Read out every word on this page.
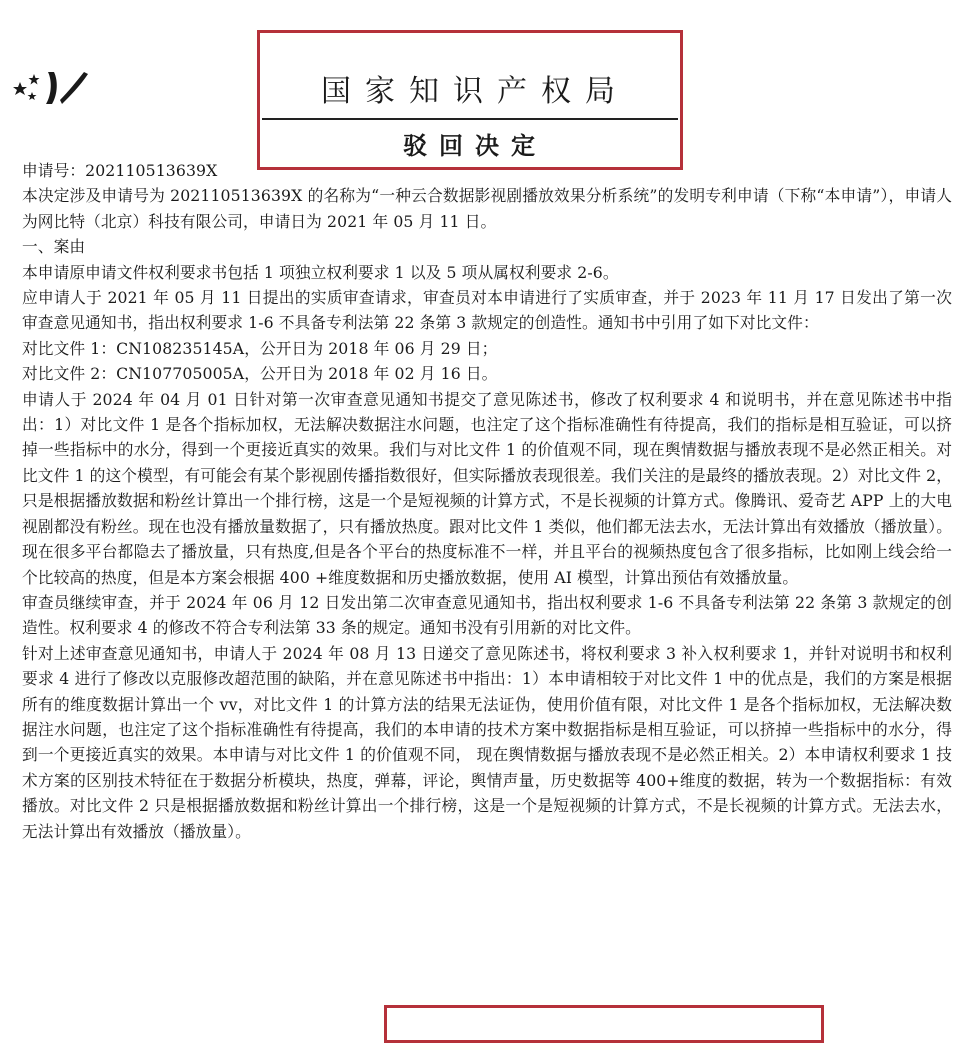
国家知识产权局
驳回决定

申请号：202110513639X

本决定涉及申请号为 202110513639X 的名称为“一种云合数据影视剧播放效果分析系统”的发明专利申请（下称“本申请”），申请人为网比特（北京）科技有限公司，申请日为 2021 年 05 月 11 日。

一、案由

本申请原申请文件权利要求书包括 1 项独立权利要求 1 以及 5 项从属权利要求 2-6。

应申请人于 2021 年 05 月 11 日提出的实质审查请求，审查员对本申请进行了实质审查，并于 2023 年 11 月 17 日发出了第一次审查意见通知书，指出权利要求 1-6 不具备专利法第 22 条第 3 款规定的创造性。通知书中引用了如下对比文件：

对比文件 1：CN108235145A，公开日为 2018 年 06 月 29 日；

对比文件 2：CN107705005A，公开日为 2018 年 02 月 16 日。

申请人于 2024 年 04 月 01 日针对第一次审查意见通知书提交了意见陈述书，修改了权利要求 4 和说明书，并在意见陈述书中指出：1）对比文件 1 是各个指标加权，无法解决数据注水问题，也注定了这个指标准确性有待提高，我们的指标是相互验证，可以挤掉一些指标中的水分，得到一个更接近真实的效果。我们与对比文件 1 的价值观不同，现在舆情数据与播放表现不是必然正相关。对比文件 1 的这个模型，有可能会有某个影视剧传播指数很好，但实际播放表现很差。我们关注的是最终的播放表现。2）对比文件 2，只是根据播放数据和粉丝计算出一个排行榜，这是一个是短视频的计算方式，不是长视频的计算方式。像腾讯、爱奇艺 APP 上的大电视剧都没有粉丝。现在也没有播放量数据了，只有播放热度。跟对比文件 1 类似，他们都无法去水，无法计算出有效播放（播放量）。现在很多平台都隐去了播放量，只有热度,但是各个平台的热度标准不一样，并且平台的视频热度包含了很多指标，比如刚上线会给一个比较高的热度，但是本方案会根据 400 +维度数据和历史播放数据，使用 AI 模型，计算出预估有效播放量。

审查员继续审查，并于 2024 年 06 月 12 日发出第二次审查意见通知书，指出权利要求 1-6 不具备专利法第 22 条第 3 款规定的创造性。权利要求 4 的修改不符合专利法第 33 条的规定。通知书没有引用新的对比文件。

针对上述审查意见通知书，申请人于 2024 年 08 月 13 日递交了意见陈述书，将权利要求 3 补入权利要求 1，并针对说明书和权利要求 4 进行了修改以克服修改超范围的缺陷，并在意见陈述书中指出：1）本申请相较于对比文件 1 中的优点是，我们的方案是根据所有的维度数据计算出一个 vv，对比文件 1 的计算方法的结果无法证伪，使用价值有限，对比文件 1 是各个指标加权，无法解决数据注水问题，也注定了这个指标准确性有待提高，我们的本申请的技术方案中数据指标是相互验证，可以挤掉一些指标中的水分，得到一个更接近真实的效果。本申请与对比文件 1 的价值观不同， 现在舆情数据与播放表现不是必然正相关。2）本申请权利要求 1 技术方案的区别技术特征在于数据分析模块，热度，弹幕，评论，舆情声量，历史数据等 400+维度的数据，转为一个数据指标：有效播放。对比文件 2 只是根据播放数据和粉丝计算出一个排行榜，这是一个是短视频的计算方式，不是长视频的计算方式。无法去水，无法计算出有效播放（播放量）。
